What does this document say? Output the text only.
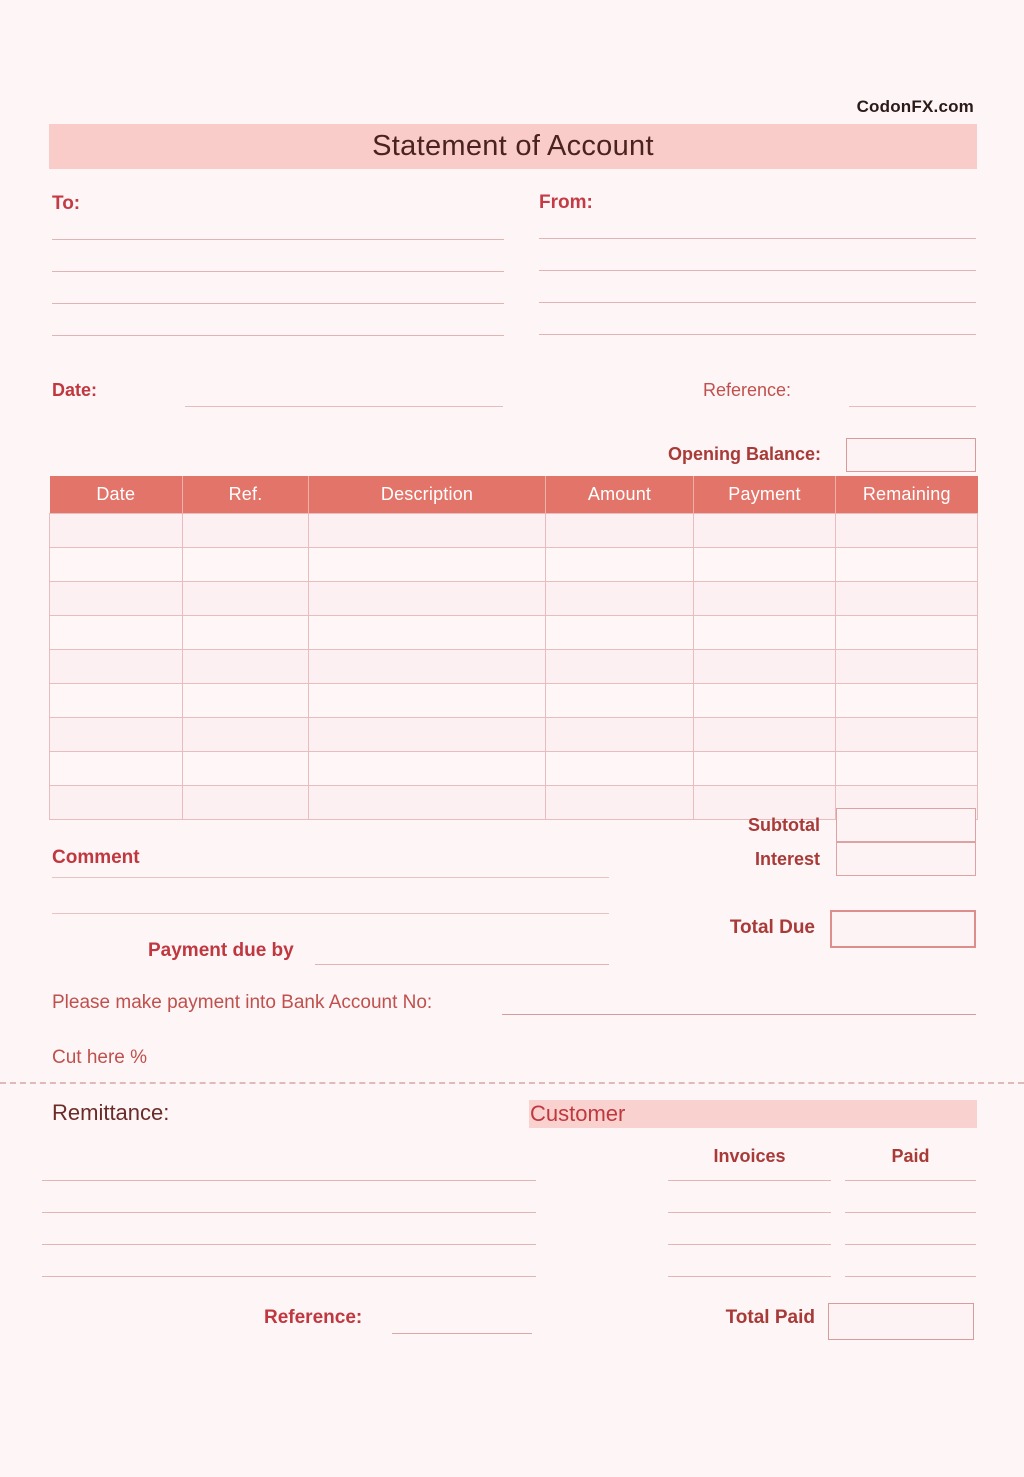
CodonFX.com
Statement of Account
To:	From:
Date:	Reference:
Opening Balance:
Date	Ref.	Description	Amount	Payment	Remaining

Subtotal
Interest
Total Due
Comment
Payment due by
Please make payment into Bank Account No:
Cut here %
Remittance:	Customer
Invoices	Paid
Reference:	Total Paid
